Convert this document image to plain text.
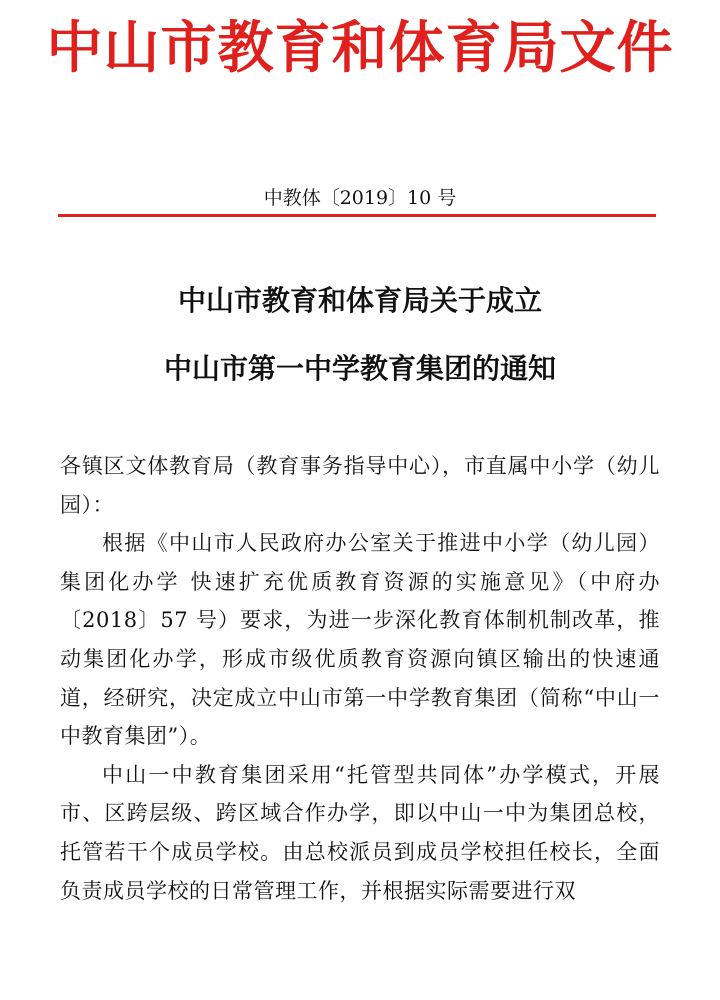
中山市教育和体育局文件
中教体〔2019〕10 号
中山市教育和体育局关于成立
中山市第一中学教育集团的通知

各镇区文体教育局（教育事务指导中心），市直属中小学（幼儿园）：

根据《中山市人民政府办公室关于推进中小学（幼儿园）集团化办学 快速扩充优质教育资源的实施意见》（中府办〔2018〕57 号）要求，为进一步深化教育体制机制改革，推动集团化办学，形成市级优质教育资源向镇区输出的快速通道，经研究，决定成立中山市第一中学教育集团（简称“中山一中教育集团”）。

中山一中教育集团采用“托管型共同体”办学模式，开展市、区跨层级、跨区域合作办学，即以中山一中为集团总校，托管若干个成员学校。由总校派员到成员学校担任校长，全面负责成员学校的日常管理工作，并根据实际需要进行双
